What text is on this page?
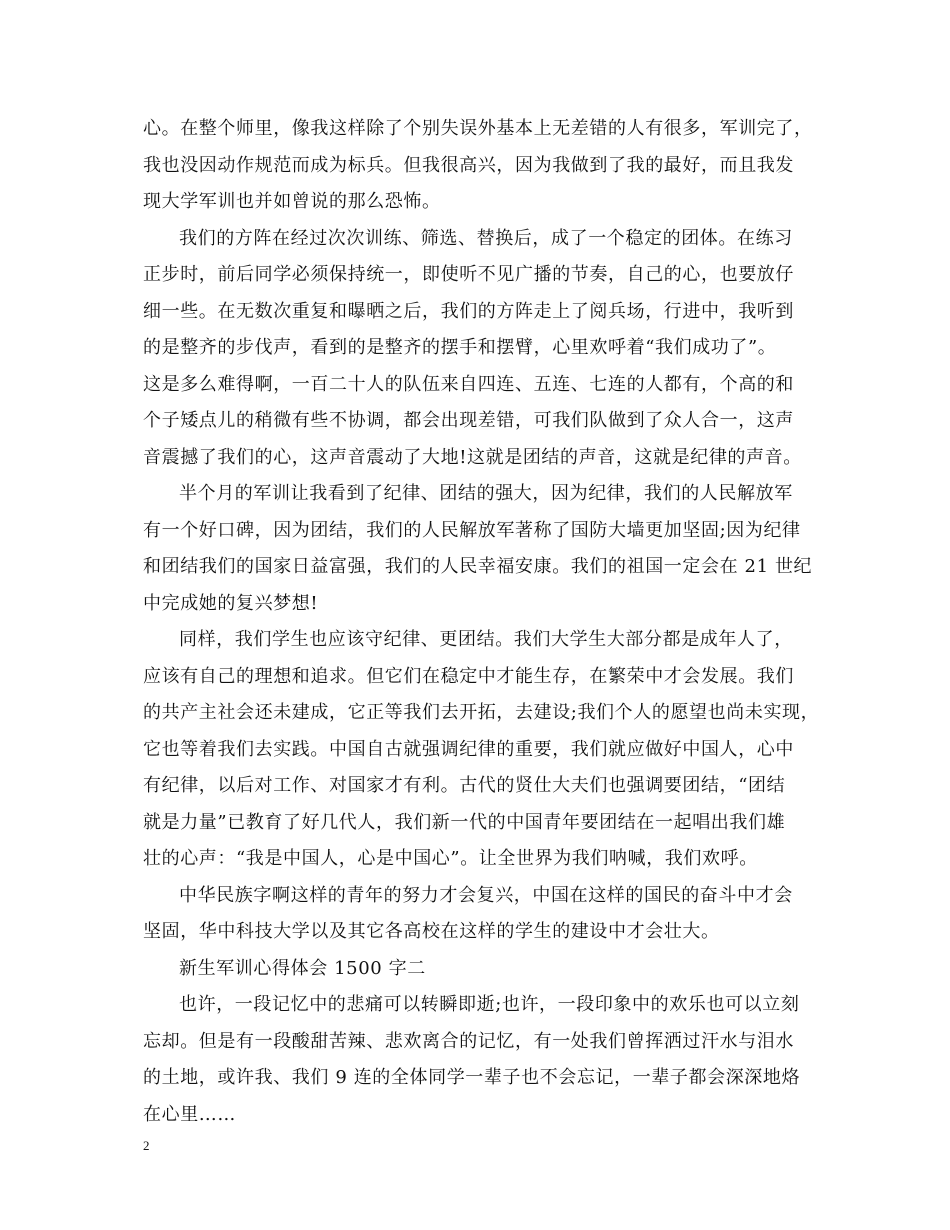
心。在整个师里，像我这样除了个别失误外基本上无差错的人有很多，军训完了，
我也没因动作规范而成为标兵。但我很高兴，因为我做到了我的最好，而且我发
现大学军训也并如曾说的那么恐怖。
我们的方阵在经过次次训练、筛选、替换后，成了一个稳定的团体。在练习
正步时，前后同学必须保持统一，即使听不见广播的节奏，自己的心，也要放仔
细一些。在无数次重复和曝晒之后，我们的方阵走上了阅兵场，行进中，我听到
的是整齐的步伐声，看到的是整齐的摆手和摆臂，心里欢呼着“我们成功了”。
这是多么难得啊，一百二十人的队伍来自四连、五连、七连的人都有，个高的和
个子矮点儿的稍微有些不协调，都会出现差错，可我们队做到了众人合一，这声
音震撼了我们的心，这声音震动了大地!这就是团结的声音，这就是纪律的声音。
半个月的军训让我看到了纪律、团结的强大，因为纪律，我们的人民解放军
有一个好口碑，因为团结，我们的人民解放军著称了国防大墙更加坚固;因为纪律
和团结我们的国家日益富强，我们的人民幸福安康。我们的祖国一定会在 21 世纪
中完成她的复兴梦想!
同样，我们学生也应该守纪律、更团结。我们大学生大部分都是成年人了，
应该有自己的理想和追求。但它们在稳定中才能生存，在繁荣中才会发展。我们
的共产主社会还未建成，它正等我们去开拓，去建设;我们个人的愿望也尚未实现，
它也等着我们去实践。中国自古就强调纪律的重要，我们就应做好中国人，心中
有纪律，以后对工作、对国家才有利。古代的贤仕大夫们也强调要团结，“团结
就是力量”已教育了好几代人，我们新一代的中国青年要团结在一起唱出我们雄
壮的心声：“我是中国人，心是中国心”。让全世界为我们呐喊，我们欢呼。
中华民族字啊这样的青年的努力才会复兴，中国在这样的国民的奋斗中才会
坚固，华中科技大学以及其它各高校在这样的学生的建设中才会壮大。
新生军训心得体会 1500 字二
也许，一段记忆中的悲痛可以转瞬即逝;也许，一段印象中的欢乐也可以立刻
忘却。但是有一段酸甜苦辣、悲欢离合的记忆，有一处我们曾挥洒过汗水与泪水
的土地，或许我、我们 9 连的全体同学一辈子也不会忘记，一辈子都会深深地烙
在心里……
2
